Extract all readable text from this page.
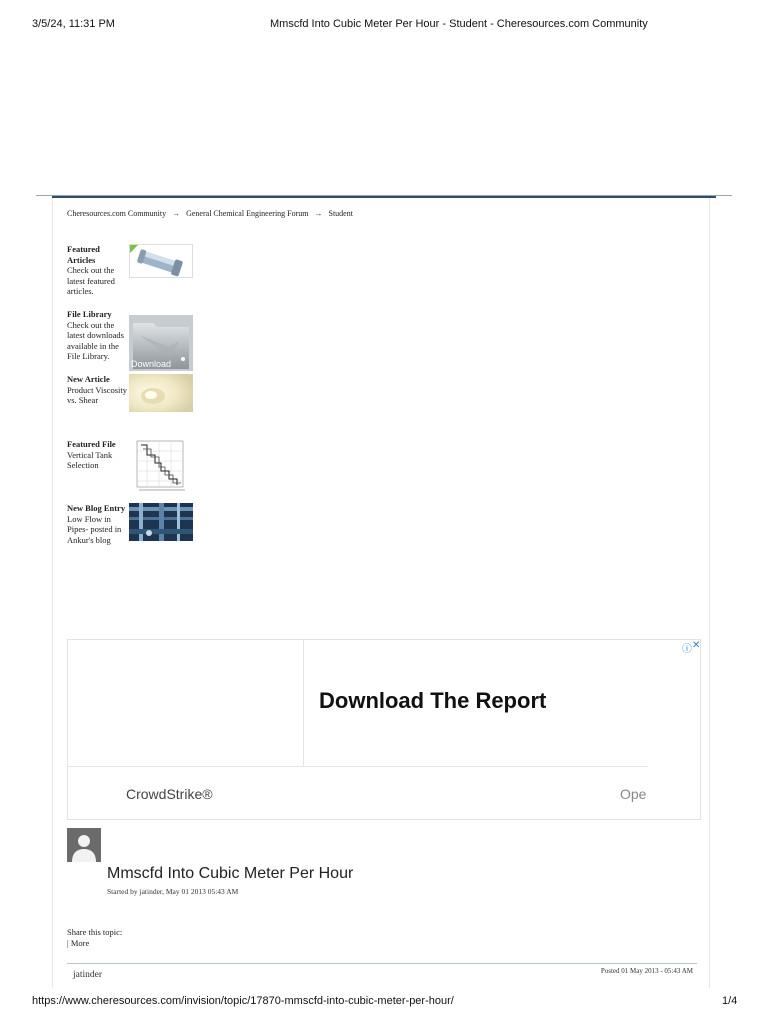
3/5/24, 11:31 PM	Mmscfd Into Cubic Meter Per Hour - Student - Cheresources.com Community
Cheresources.com Community → General Chemical Engineering Forum → Student
Featured Articles
Check out the latest featured articles.
File Library
Check out the latest downloads available in the File Library.
Download
New Article
Product Viscosity vs. Shear
Featured File
Vertical Tank Selection
New Blog Entry
Low Flow in Pipes- posted in Ankur's blog
Download The Report
CrowdStrike®	Ope
ⓘ ✕
Mmscfd Into Cubic Meter Per Hour
Started by jatinder, May 01 2013 05:43 AM
Share this topic:
| More
jatinder	Posted 01 May 2013 - 05:43 AM
https://www.cheresources.com/invision/topic/17870-mmscfd-into-cubic-meter-per-hour/	1/4
